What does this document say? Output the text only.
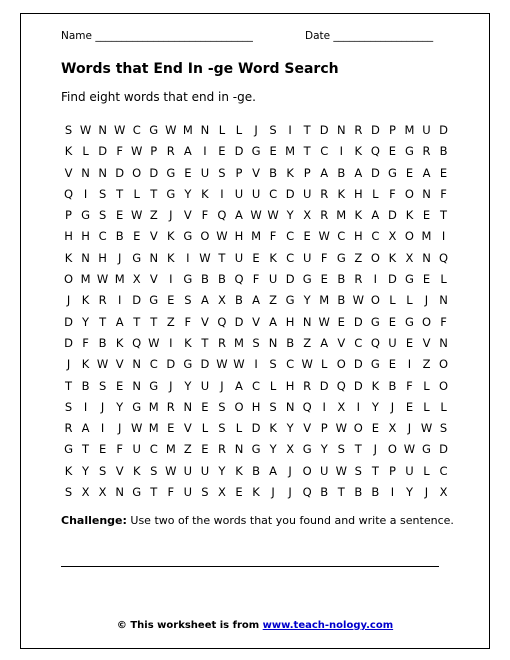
Name ______________________________	Date ___________________
Words that End In -ge Word Search
Find eight words that end in -ge.
S W N W C G W M N L L	J	S	I	T D N R D P M U D
K L D F W P R A I	E D G E M T C I	K Q E G R B
V N N D O D G E U S P V B K P A B A D G E A E
Q I	S T L T G Y K	I U U C D U R K H L F O N F
P G S E W Z J V F Q A W W Y X R M K A D K E T
H H C B E V K G O W H M F C E W C H C X O M I
K N H J G N K	I W T U E K C U F G Z O K X N Q
O M W M X V I G B B Q F U D G E B R I D G E L
J	K R I D G E S A X B A Z G Y M B W O L L	J N
D Y T A T T Z F V Q D V A H N W E D G E G O F
D F B K Q W I	K T R M S N B Z A V C Q U E V N
J	K W V N C D G D W W I	S C W L O D G E	I Z O
T B S E N G J	Y U J A C L H R D Q D K B F L O
S	I	J	Y G M R N E S O H S N Q I X I	Y	J	E L L
R A I	J W M E V L S L D K Y V P W O E X J W S
G T E F U C M Z E R N G Y X G Y S T	J O W G D
K Y S V K S W U U Y K B A J O U W S T P U L C
S X X N G T F U S X E K	J	J Q B T B B I	Y	J X
Challenge: Use two of the words that you found and write a sentence.
© This worksheet is from www.teach-nology.com
